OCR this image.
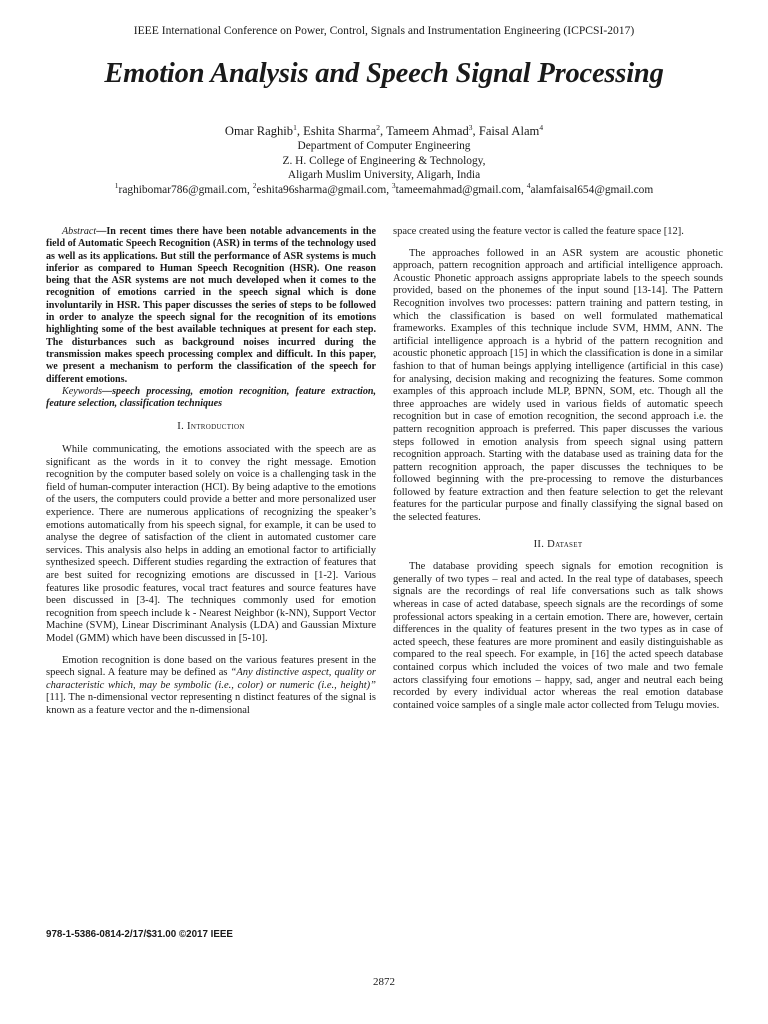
IEEE International Conference on Power, Control, Signals and Instrumentation Engineering (ICPCSI-2017)
Emotion Analysis and Speech Signal Processing
Omar Raghib$^1$, Eshita Sharma$^2$, Tameem Ahmad$^3$, Faisal Alam$^4$
Department of Computer Engineering
Z. H. College of Engineering & Technology,
Aligarh Muslim University, Aligarh, India
$^1$raghibomar786@gmail.com, $^2$eshita96sharma@gmail.com, $^3$tameemahmad@gmail.com, $^4$alamfaisal654@gmail.com

Abstract—In recent times there have been notable advancements in the field of Automatic Speech Recognition (ASR) in terms of the technology used as well as its applications. But still the performance of ASR systems is much inferior as compared to Human Speech Recognition (HSR). One reason being that the ASR systems are not much developed when it comes to the recognition of emotions carried in the speech signal which is done involuntarily in HSR. This paper discusses the series of steps to be followed in order to analyze the speech signal for the recognition of its emotions highlighting some of the best available techniques at present for each step. The disturbances such as background noises incurred during the transmission makes speech processing complex and difficult. In this paper, we present a mechanism to perform the classification of the speech for different emotions.

Keywords—speech processing, emotion recognition, feature extraction, feature selection, classification techniques

I. Introduction

While communicating, the emotions associated with the speech are as significant as the words in it to convey the right message. Emotion recognition by the computer based solely on voice is a challenging task in the field of human-computer interaction (HCI). By being adaptive to the emotions of the users, the computers could provide a better and more personalized user experience. There are numerous applications of recognizing the speaker’s emotions automatically from his speech signal, for example, it can be used to analyse the degree of satisfaction of the client in automated customer care services. This analysis also helps in adding an emotional factor to artificially synthesized speech. Different studies regarding the extraction of features that are best suited for recognizing emotions are discussed in [1-2]. Various features like prosodic features, vocal tract features and source features have been discussed in [3-4]. The techniques commonly used for emotion recognition from speech include k - Nearest Neighbor (k-NN), Support Vector Machine (SVM), Linear Discriminant Analysis (LDA) and Gaussian Mixture Model (GMM) which have been discussed in [5-10].

Emotion recognition is done based on the various features present in the speech signal. A feature may be defined as “Any distinctive aspect, quality or characteristic which, may be symbolic (i.e., color) or numeric (i.e., height)” [11]. The n-dimensional vector representing n distinct features of the signal is known as a feature vector and the n-dimensional

space created using the feature vector is called the feature space [12].

The approaches followed in an ASR system are acoustic phonetic approach, pattern recognition approach and artificial intelligence approach. Acoustic Phonetic approach assigns appropriate labels to the speech sounds provided, based on the phonemes of the input sound [13-14]. The Pattern Recognition involves two processes: pattern training and pattern testing, in which the classification is based on well formulated mathematical frameworks. Examples of this technique include SVM, HMM, ANN. The artificial intelligence approach is a hybrid of the pattern recognition and acoustic phonetic approach [15] in which the classification is done in a similar fashion to that of human beings applying intelligence (artificial in this case) for analysing, decision making and recognizing the features. Some common examples of this approach include MLP, BPNN, SOM, etc. Though all the three approaches are widely used in various fields of automatic speech recognition but in case of emotion recognition, the second approach i.e. the pattern recognition approach is preferred. This paper discusses the various steps followed in emotion analysis from speech signal using pattern recognition approach. Starting with the database used as training data for the pattern recognition approach, the paper discusses the techniques to be followed beginning with the pre-processing to remove the disturbances followed by feature extraction and then feature selection to get the relevant features for the particular purpose and finally classifying the signal based on the selected features.

II. Dataset

The database providing speech signals for emotion recognition is generally of two types – real and acted. In the real type of databases, speech signals are the recordings of real life conversations such as talk shows whereas in case of acted database, speech signals are the recordings of some professional actors speaking in a certain emotion. There are, however, certain differences in the quality of features present in the two types as in case of acted speech, these features are more prominent and easily distinguishable as compared to the real speech. For example, in [16] the acted speech database contained corpus which included the voices of two male and two female actors classifying four emotions – happy, sad, anger and neutral each being recorded by every individual actor whereas the real emotion database contained voice samples of a single male actor collected from Telugu movies.

978-1-5386-0814-2/17/$31.00 ©2017 IEEE
2872
